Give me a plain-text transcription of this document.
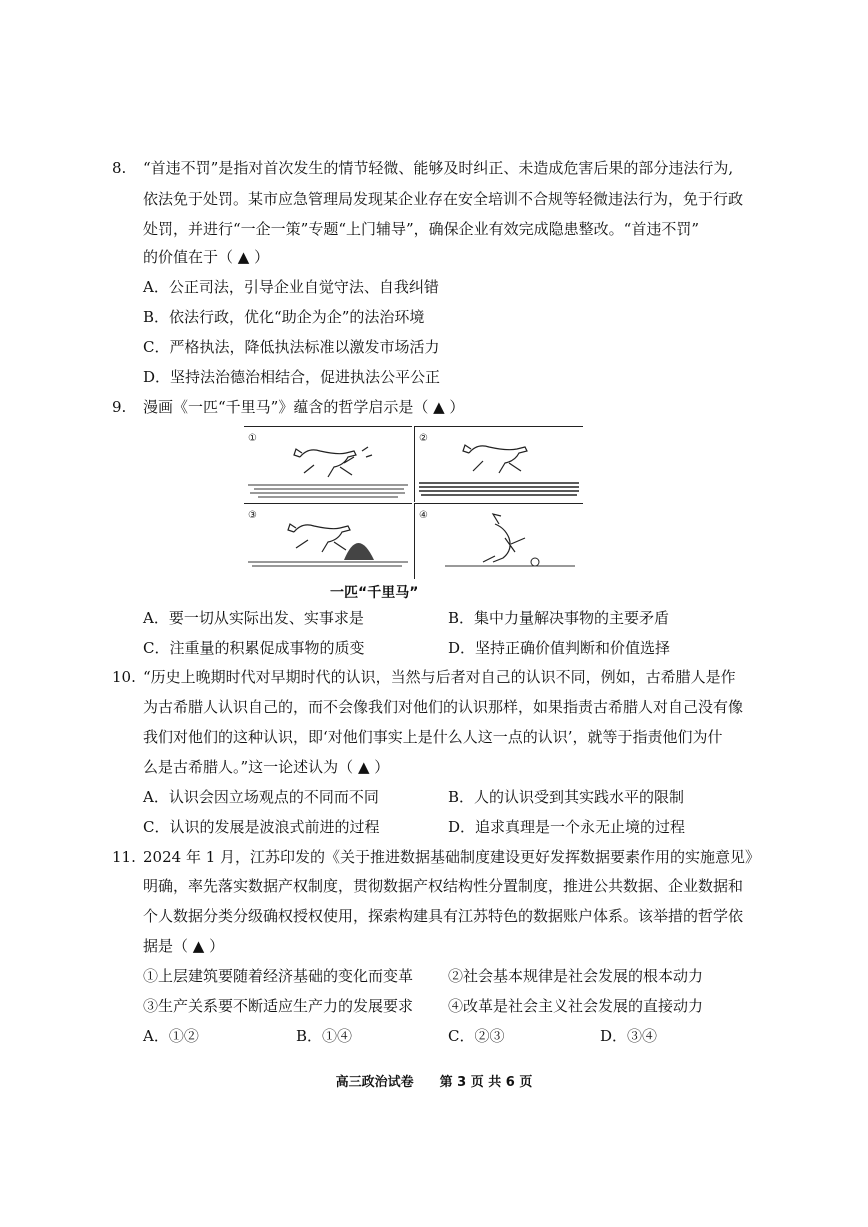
8. “首违不罚”是指对首次发生的情节轻微、能够及时纠正、未造成危害后果的部分违法行为,
依法免于处罚。某市应急管理局发现某企业存在安全培训不合规等轻微违法行为，免于行政
处罚，并进行“一企一策”专题“上门辅导”，确保企业有效完成隐患整改。“首违不罚”
的价值在于（ ▲ ）
A．公正司法，引导企业自觉守法、自我纠错
B．依法行政，优化“助企为企”的法治环境
C．严格执法，降低执法标准以激发市场活力
D．坚持法治德治相结合，促进执法公平公正
9. 漫画《一匹“千里马”》蕴含的哲学启示是（ ▲ ）
①	②
③	④
一匹“千里马”
A．要一切从实际出发、实事求是	B．集中力量解决事物的主要矛盾
C．注重量的积累促成事物的质变	D．坚持正确价值判断和价值选择
10. “历史上晚期时代对早期时代的认识，当然与后者对自己的认识不同，例如，古希腊人是作
为古希腊人认识自己的，而不会像我们对他们的认识那样，如果指责古希腊人对自己没有像
我们对他们的这种认识，即‘对他们事实上是什么人这一点的认识’，就等于指责他们为什
么是古希腊人。”这一论述认为（ ▲ ）
A．认识会因立场观点的不同而不同	B．人的认识受到其实践水平的限制
C．认识的发展是波浪式前进的过程	D．追求真理是一个永无止境的过程
11. 2024 年 1 月，江苏印发的《关于推进数据基础制度建设更好发挥数据要素作用的实施意见》
明确，率先落实数据产权制度，贯彻数据产权结构性分置制度，推进公共数据、企业数据和
个人数据分类分级确权授权使用，探索构建具有江苏特色的数据账户体系。该举措的哲学依
据是（ ▲ ）
①上层建筑要随着经济基础的变化而变革 ②社会基本规律是社会发展的根本动力
③生产关系要不断适应生产力的发展要求 ④改革是社会主义社会发展的直接动力
A．①②	B．①④	C．②③	D．③④
高三政治试卷　　第 3 页 共 6 页
